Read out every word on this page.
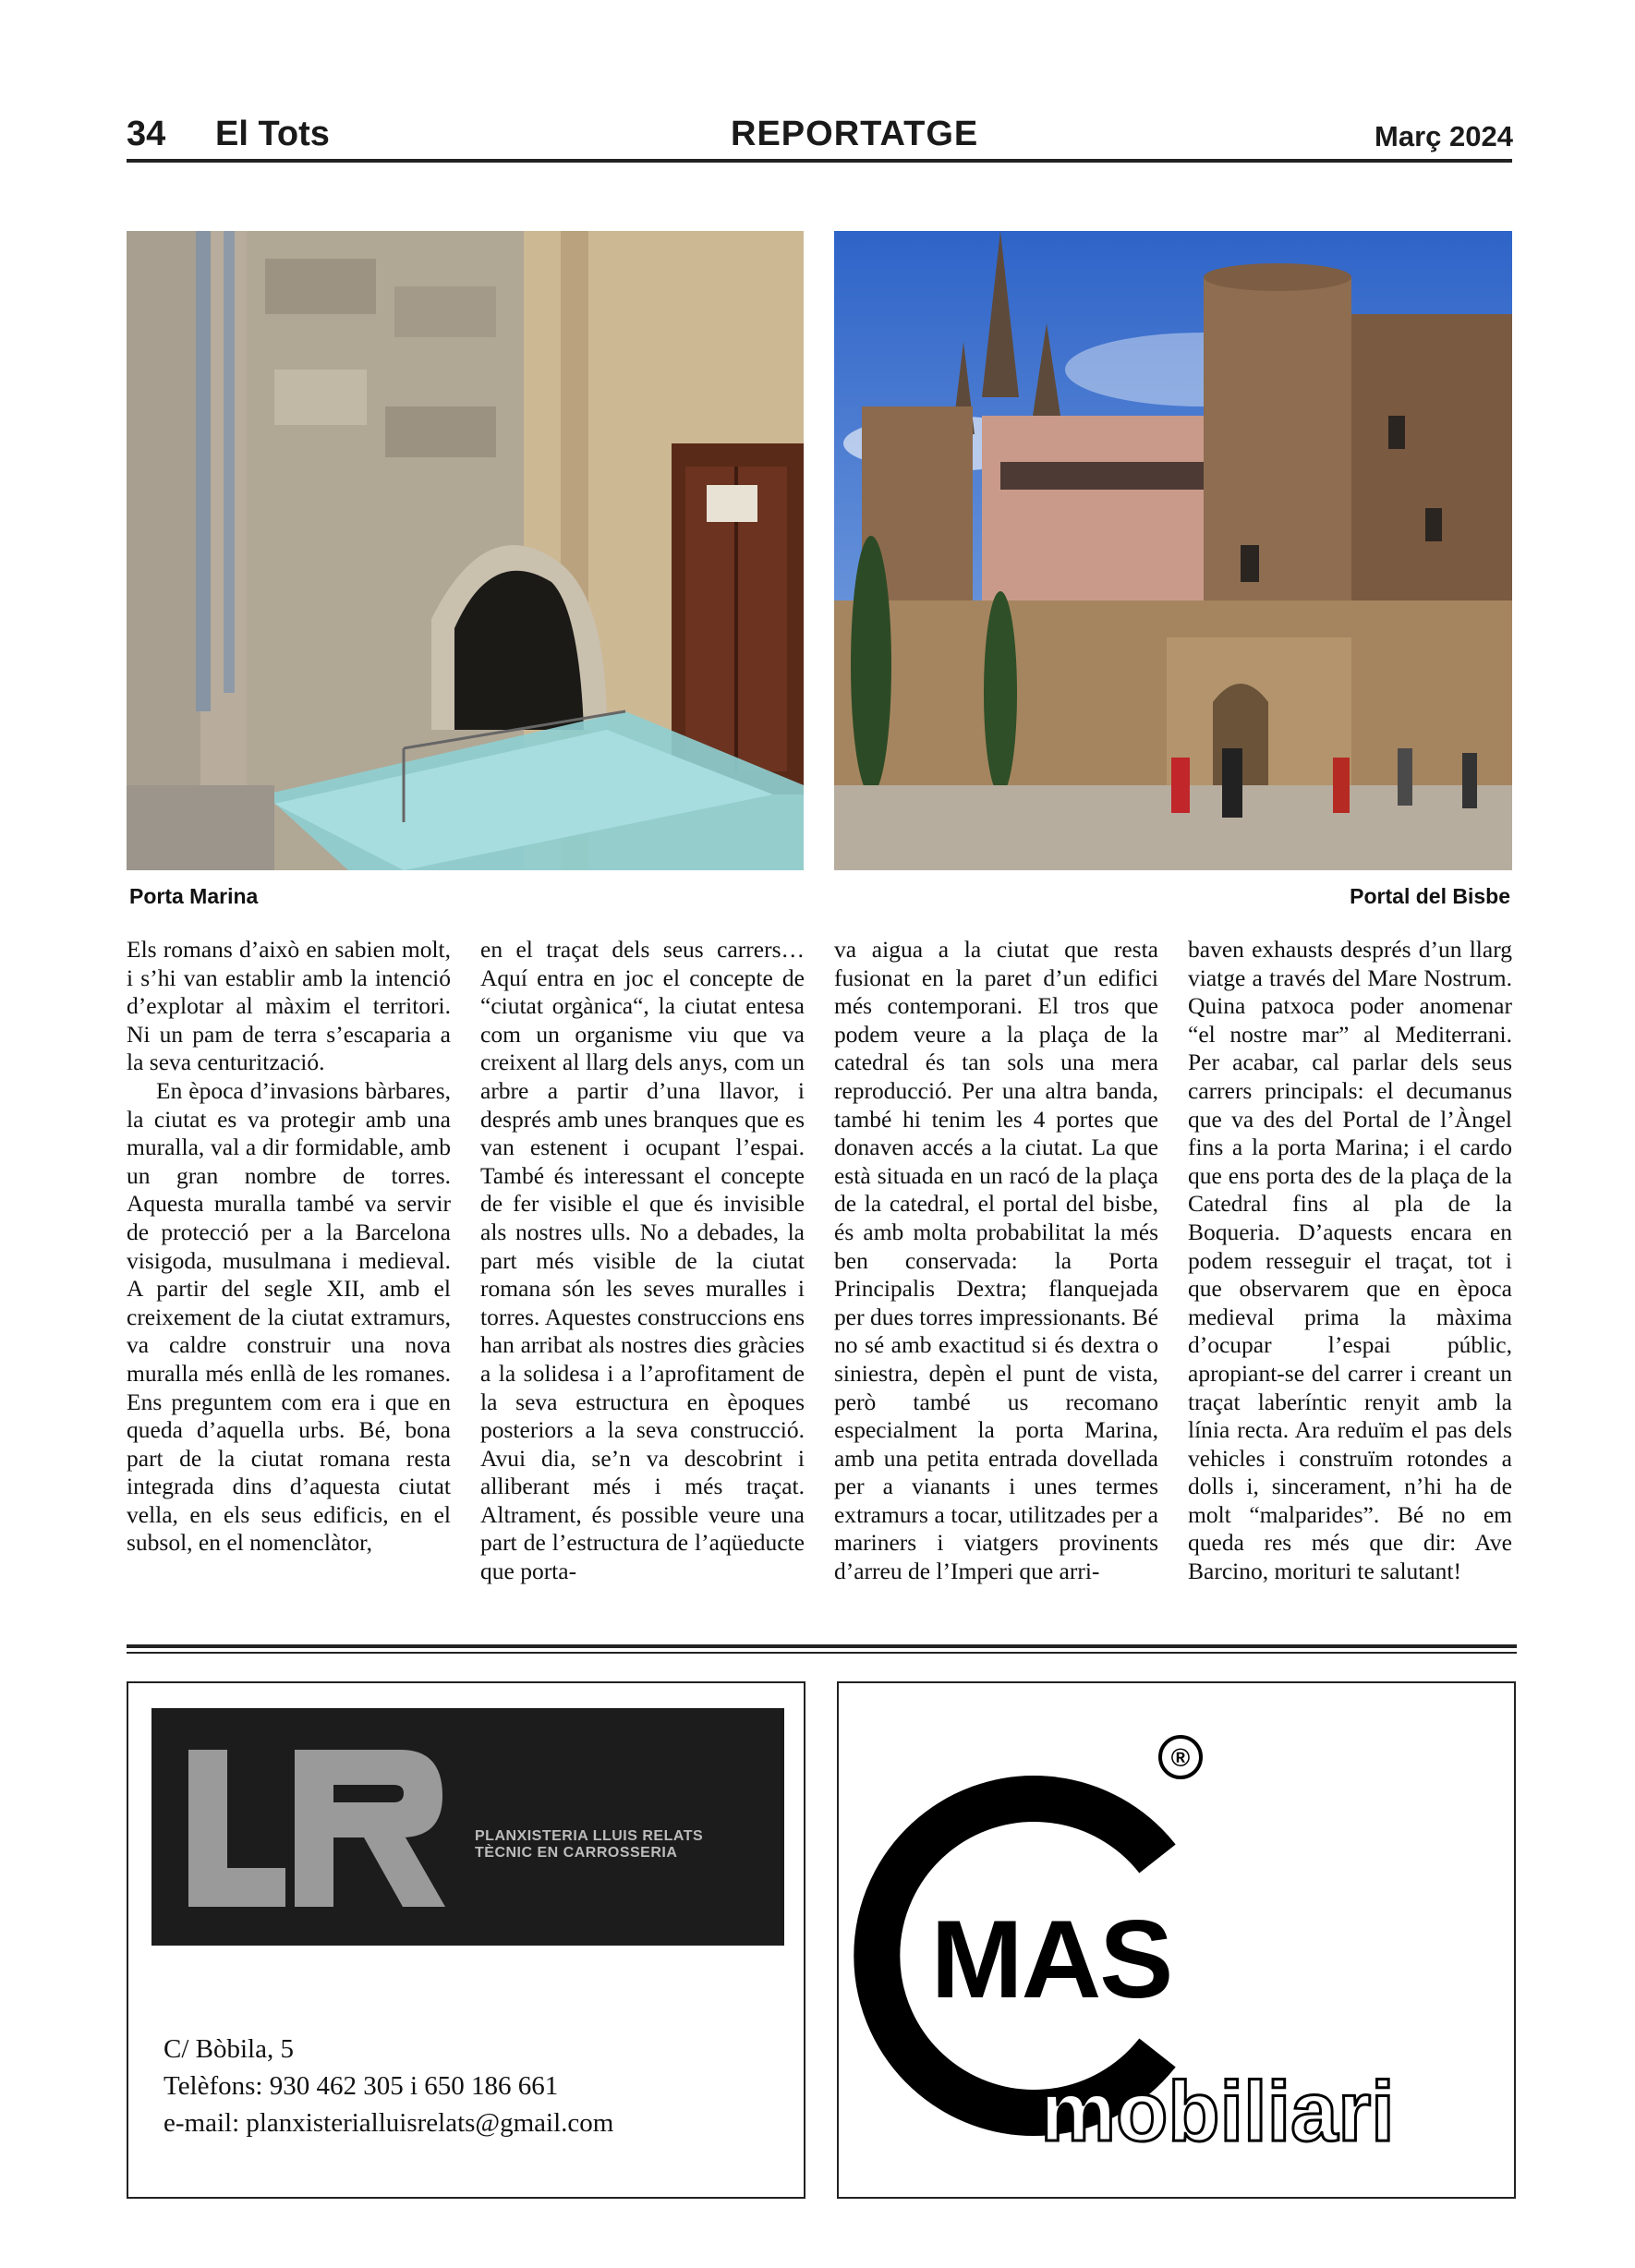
34 El Tots	REPORTATGE	Març 2024
Porta Marina	Portal del Bisbe

Els romans d’això en sabien molt, i s’hi van establir amb la intenció d’explotar al màxim el territori. Ni un pam de terra s’escaparia a la seva centurització.

En època d’invasions bàrbares, la ciutat es va protegir amb una muralla, val a dir formidable, amb un gran nombre de torres. Aquesta muralla també va servir de protecció per a la Barcelona visigoda, musulmana i medieval. A partir del segle XII, amb el creixement de la ciutat extramurs, va caldre construir una nova muralla més enllà de les romanes. Ens preguntem com era i que en queda d’aquella urbs. Bé, bona part de la ciutat romana resta integrada dins d’aquesta ciutat vella, en els seus edificis, en el subsol, en el nomenclàtor,

en el traçat dels seus carrers… Aquí entra en joc el concepte de “ciutat orgànica“, la ciutat entesa com un organisme viu que va creixent al llarg dels anys, com un arbre a partir d’una llavor, i després amb unes branques que es van estenent i ocupant l’espai. També és interessant el concepte de fer visible el que és invisible als nostres ulls. No a debades, la part més visible de la ciutat romana són les seves muralles i torres. Aquestes construccions ens han arribat als nostres dies gràcies a la solidesa i a l’aprofitament de la seva estructura en èpoques posteriors a la seva construcció. Avui dia, se’n va descobrint i alliberant més i més traçat. Altrament, és possible veure una part de l’estructura de l’aqüeducte que porta-

va aigua a la ciutat que resta fusionat en la paret d’un edifici més contemporani. El tros que podem veure a la plaça de la catedral és tan sols una mera reproducció. Per una altra banda, també hi tenim les 4 portes que donaven accés a la ciutat. La que està situada en un racó de la plaça de la catedral, el portal del bisbe, és amb molta probabilitat la més ben conservada: la Porta Principalis Dextra; flanquejada per dues torres impressionants. Bé no sé amb exactitud si és dextra o siniestra, depèn el punt de vista, però també us recomano especialment la porta Marina, amb una petita entrada dovellada per a vianants i unes termes extramurs a tocar, utilitzades per a mariners i viatgers provinents d’arreu de l’Imperi que arri-

baven exhausts després d’un llarg viatge a través del Mare Nostrum. Quina patxoca poder anomenar “el nostre mar” al Mediterrani. Per acabar, cal parlar dels seus carrers principals: el decumanus que va des del Portal de l’Àngel fins a la porta Marina; i el cardo que ens porta des de la plaça de la Catedral fins al pla de la Boqueria. D’aquests encara en podem resseguir el traçat, tot i que observarem que en època medieval prima la màxima d’ocupar l’espai públic, apropiant-se del carrer i creant un traçat laberíntic renyit amb la línia recta. Ara reduïm el pas dels vehicles i construïm rotondes a dolls i, sincerament, n’hi ha de molt “malparides”. Bé no em queda res més que dir: Ave Barcino, morituri te salutant!

PLANXISTERIA LLUIS RELATS
TÈCNIC EN CARROSSERIA
C/ Bòbila, 5
Telèfons: 930 462 305 i 650 186 661
e-mail: planxisterialluisrelats@gmail.com
®
MAS
mobiliari
